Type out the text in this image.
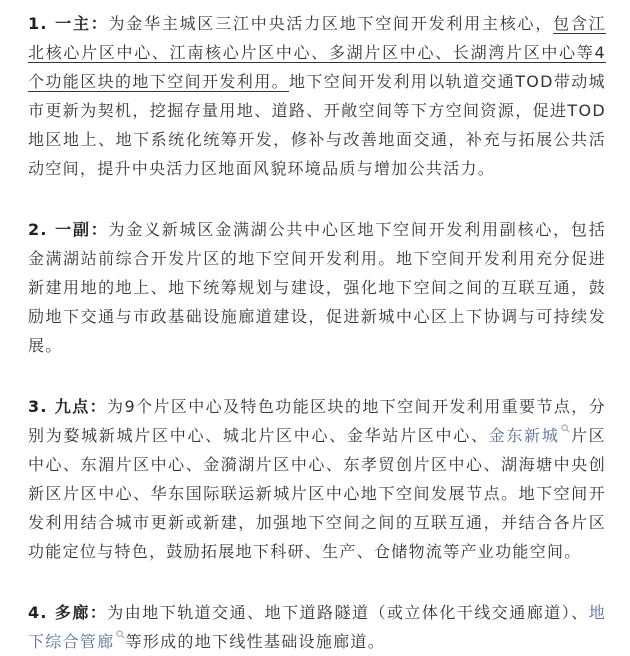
1. 一主：为金华主城区三江中央活力区地下空间开发利用主核心，包含江北核心片区中心、江南核心片区中心、多湖片区中心、长湖湾片区中心等4个功能区块的地下空间开发利用。地下空间开发利用以轨道交通TOD带动城市更新为契机，挖掘存量用地、道路、开敞空间等下方空间资源，促进TOD地区地上、地下系统化统筹开发，修补与改善地面交通，补充与拓展公共活动空间，提升中央活力区地面风貌环境品质与增加公共活力。

2. 一副：为金义新城区金满湖公共中心区地下空间开发利用副核心，包括金满湖站前综合开发片区的地下空间开发利用。地下空间开发利用充分促进新建用地的地上、地下统筹规划与建设，强化地下空间之间的互联互通，鼓励地下交通与市政基础设施廊道建设，促进新城中心区上下协调与可持续发展。

3. 九点：为9个片区中心及特色功能区块的地下空间开发利用重要节点，分别为婺城新城片区中心、城北片区中心、金华站片区中心、金东新城 片区中心、东湄片区中心、金漪湖片区中心、东孝贸创片区中心、湖海塘中央创新区片区中心、华东国际联运新城片区中心地下空间发展节点。地下空间开发利用结合城市更新或新建，加强地下空间之间的互联互通，并结合各片区功能定位与特色，鼓励拓展地下科研、生产、仓储物流等产业功能空间。

4. 多廊：为由地下轨道交通、地下道路隧道（或立体化干线交通廊道）、地下综合管廊 等形成的地下线性基础设施廊道。
